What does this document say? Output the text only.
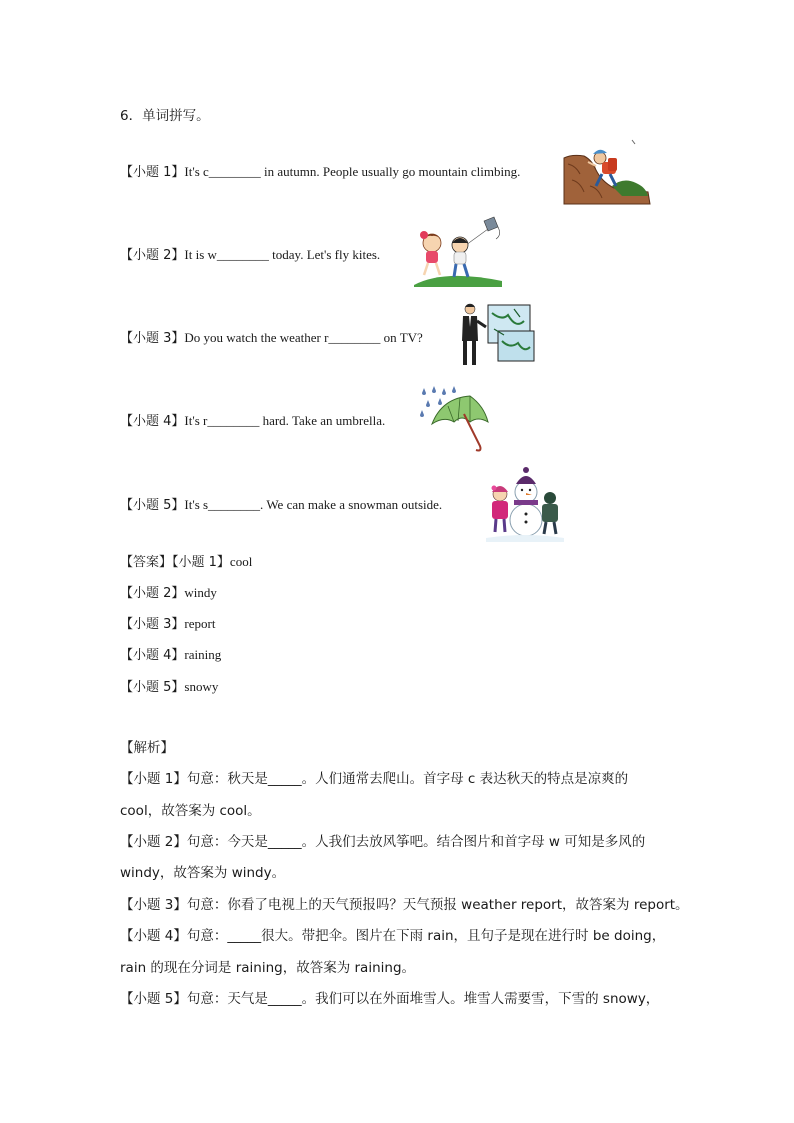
6．单词拼写。
【小题 1】It's c________ in autumn. People usually go mountain climbing.
【小题 2】It is w________ today. Let's fly kites.
【小题 3】Do you watch the weather r________ on TV?
【小题 4】It's r________ hard. Take an umbrella.
【小题 5】It's s________. We can make a snowman outside.
【答案】【小题 1】cool
【小题 2】windy
【小题 3】report
【小题 4】raining
【小题 5】snowy
【解析】
【小题 1】句意：秋天是_____。人们通常去爬山。首字母 c 表达秋天的特点是凉爽的
cool，故答案为 cool。
【小题 2】句意：今天是_____。人我们去放风筝吧。结合图片和首字母 w 可知是多风的
windy，故答案为 windy。
【小题 3】句意：你看了电视上的天气预报吗？天气预报 weather report，故答案为 report。
【小题 4】句意：_____很大。带把伞。图片在下雨 rain，且句子是现在进行时 be doing，
rain 的现在分词是 raining，故答案为 raining。
【小题 5】句意：天气是_____。我们可以在外面堆雪人。堆雪人需要雪，下雪的 snowy，
